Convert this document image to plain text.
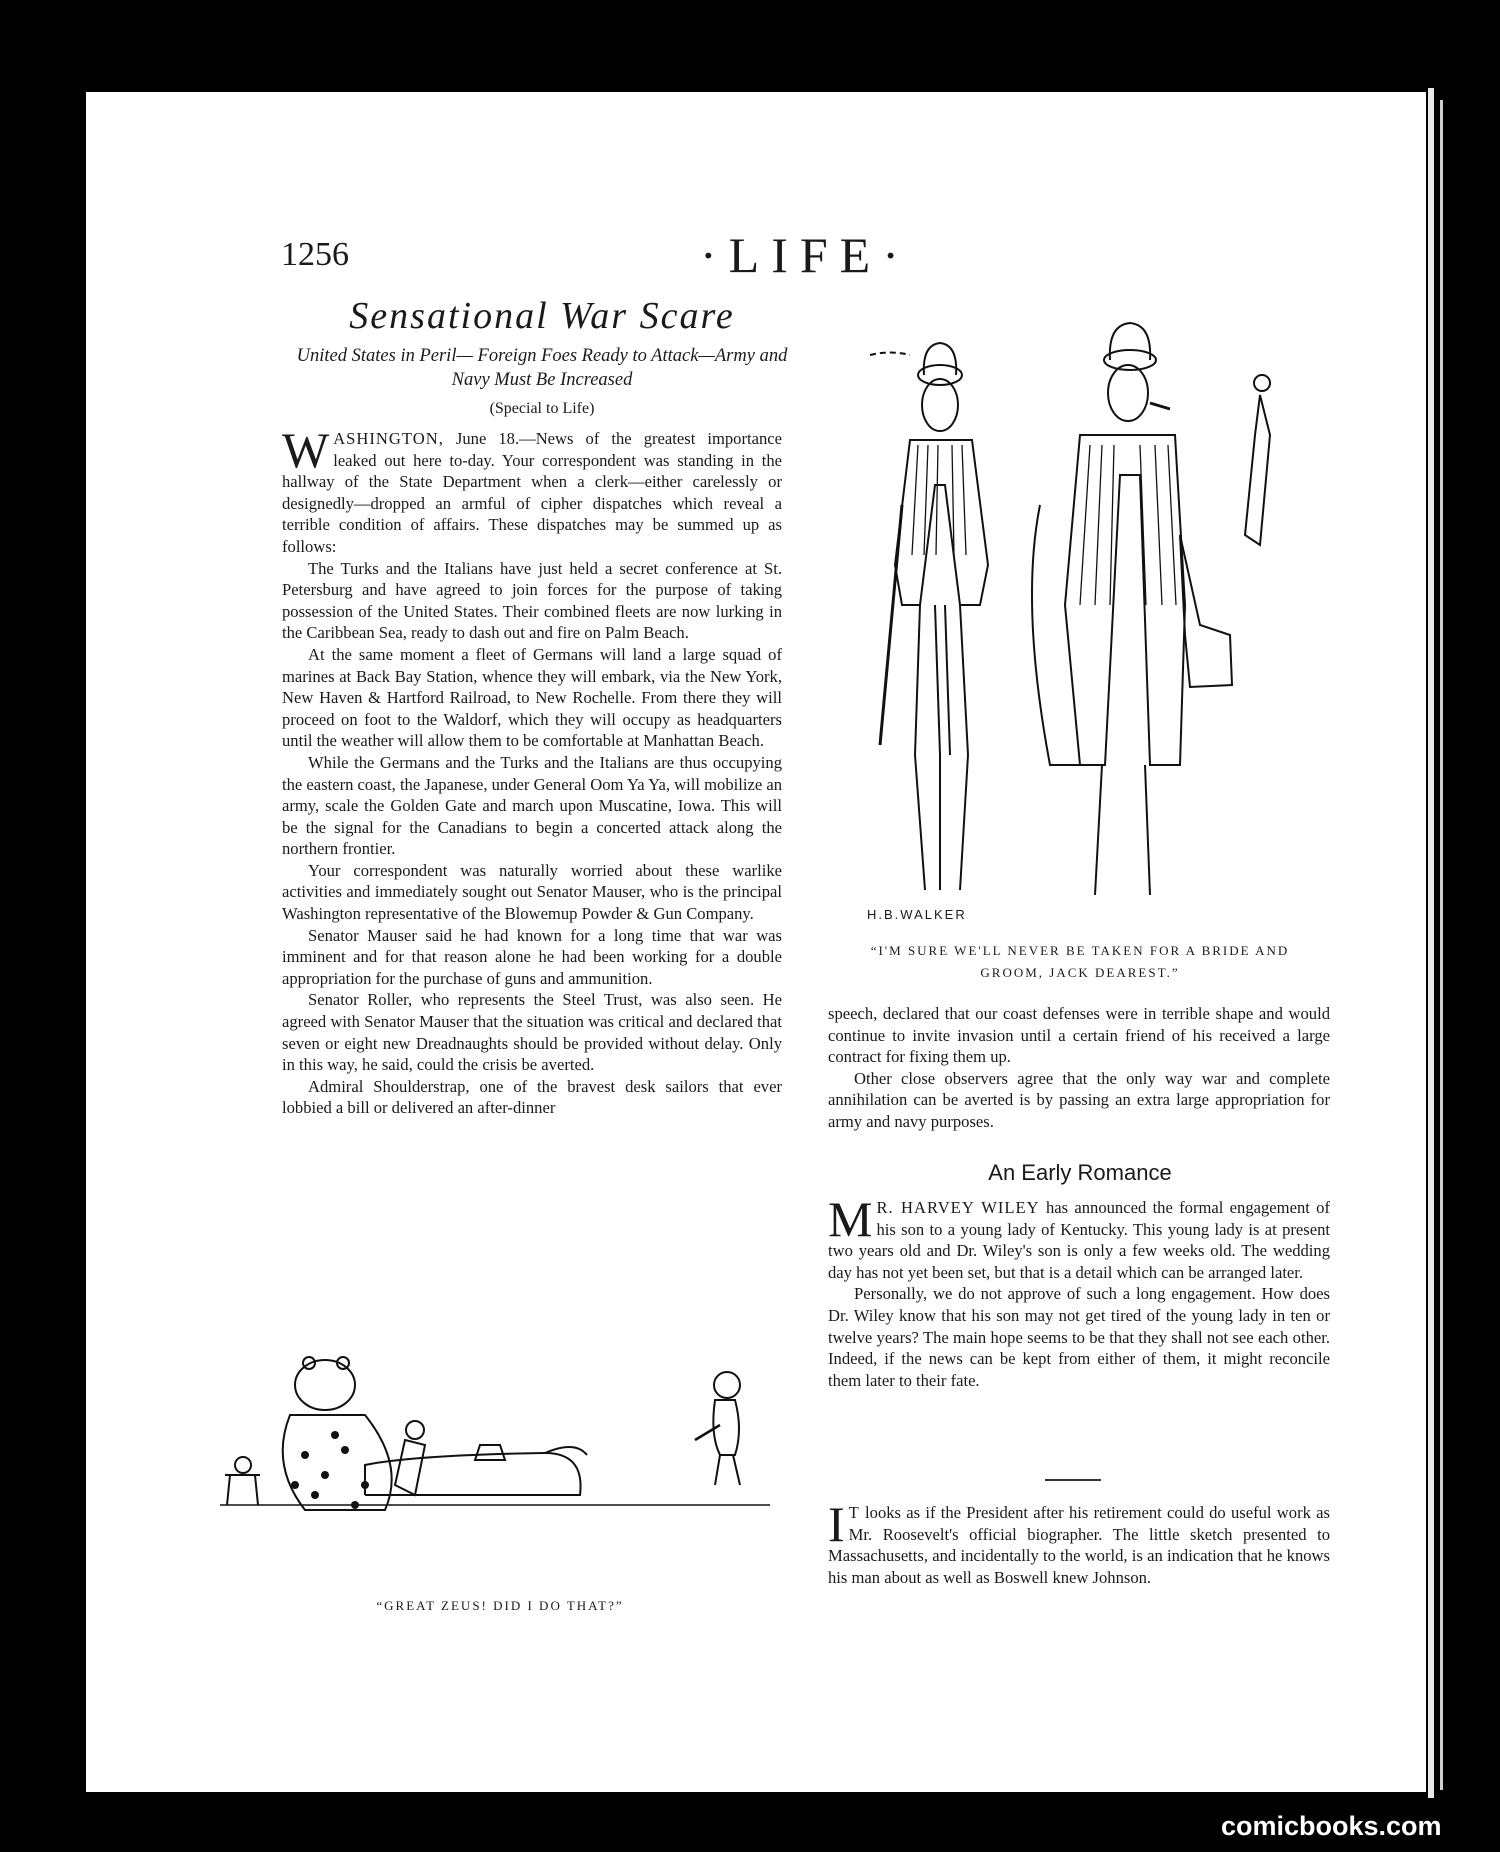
1256	·LIFE·
Sensational War Scare
United States in Peril— Foreign Foes Ready to Attack—Army and Navy Must Be Increased
(Special to Life)

WASHINGTON, June 18.—News of the greatest importance leaked out here to-day. Your correspondent was standing in the hallway of the State Department when a clerk—either carelessly or designedly—dropped an armful of cipher dispatches which reveal a terrible condition of affairs. These dispatches may be summed up as follows:

The Turks and the Italians have just held a secret conference at St. Petersburg and have agreed to join forces for the purpose of taking possession of the United States. Their combined fleets are now lurking in the Caribbean Sea, ready to dash out and fire on Palm Beach.

At the same moment a fleet of Germans will land a large squad of marines at Back Bay Station, whence they will embark, via the New York, New Haven & Hartford Railroad, to New Rochelle. From there they will proceed on foot to the Waldorf, which they will occupy as headquarters until the weather will allow them to be comfortable at Manhattan Beach.

While the Germans and the Turks and the Italians are thus occupying the eastern coast, the Japanese, under General Oom Ya Ya, will mobilize an army, scale the Golden Gate and march upon Muscatine, Iowa. This will be the signal for the Canadians to begin a concerted attack along the northern frontier.

Your correspondent was naturally worried about these warlike activities and immediately sought out Senator Mauser, who is the principal Washington representative of the Blowemup Powder & Gun Company.

Senator Mauser said he had known for a long time that war was imminent and for that reason alone he had been working for a double appropriation for the purchase of guns and ammunition.

Senator Roller, who represents the Steel Trust, was also seen. He agreed with Senator Mauser that the situation was critical and declared that seven or eight new Dreadnaughts should be provided without delay. Only in this way, he said, could the crisis be averted.

Admiral Shoulderstrap, one of the bravest desk sailors that ever lobbied a bill or delivered an after-dinner

H.B.WALKER
“I'M SURE WE'LL NEVER BE TAKEN FOR A BRIDE AND
GROOM, JACK DEAREST.”

speech, declared that our coast defenses were in terrible shape and would continue to invite invasion until a certain friend of his received a large contract for fixing them up.

Other close observers agree that the only way war and complete annihilation can be averted is by passing an extra large appropriation for army and navy purposes.

An Early Romance

M R. HARVEY WILEY has announced the formal engagement of his son to a young lady of Kentucky. This young lady is at present two years old and Dr. Wiley's son is only a few weeks old. The wedding day has not yet been set, but that is a detail which can be arranged later.

Personally, we do not approve of such a long engagement. How does Dr. Wiley know that his son may not get tired of the young lady in ten or twelve years? The main hope seems to be that they shall not see each other. Indeed, if the news can be kept from either of them, it might reconcile them later to their fate.

I T looks as if the President after his retirement could do useful work as Mr. Roosevelt's official biographer. The little sketch presented to Massachusetts, and incidentally to the world, is an indication that he knows his man about as well as Boswell knew Johnson.

“GREAT ZEUS! DID I DO THAT?”
comicbooks.com
